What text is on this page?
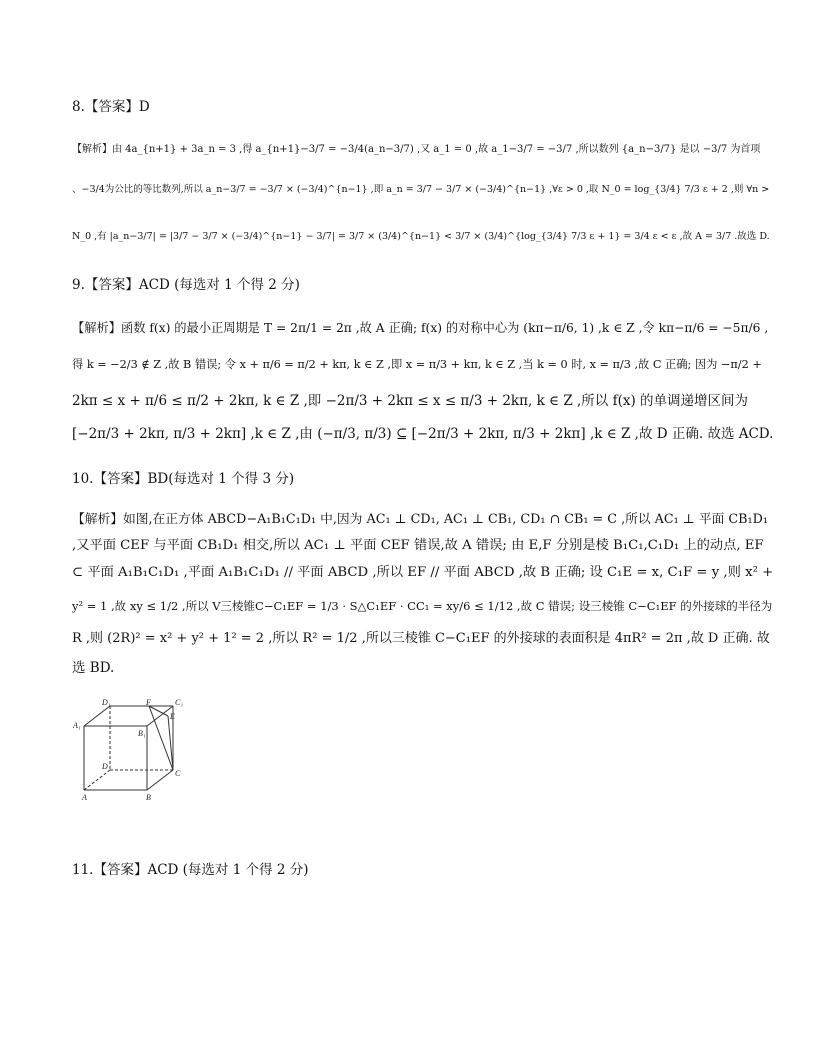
8.【答案】D
【解析】由 4a_{n+1} + 3a_n = 3 ,得 a_{n+1}−3/7 = −3/4(a_n−3/7) ,又 a_1 = 0 ,故 a_1−3/7 = −3/7 ,所以数列 {a_n−3/7} 是以 −3/7 为首项
、−3/4为公比的等比数列,所以 a_n−3/7 = −3/7 × (−3/4)^{n−1} ,即 a_n = 3/7 − 3/7 × (−3/4)^{n−1} ,∀ε > 0 ,取 N_0 = log_{3/4} 7/3 ε + 2 ,则 ∀n >
N_0 ,有 |a_n−3/7| = |3/7 − 3/7 × (−3/4)^{n−1} − 3/7| = 3/7 × (3/4)^{n−1} < 3/7 × (3/4)^{log_{3/4} 7/3 ε + 1} = 3/4 ε < ε ,故 A = 3/7 .故选 D.
9.【答案】ACD (每选对 1 个得 2 分)
【解析】函数 f(x) 的最小正周期是 T = 2π/1 = 2π ,故 A 正确; f(x) 的对称中心为 (kπ−π/6, 1) ,k ∈ Z ,令 kπ−π/6 = −5π/6 ,
得 k = −2/3 ∉ Z ,故 B 错误; 令 x + π/6 = π/2 + kπ, k ∈ Z ,即 x = π/3 + kπ, k ∈ Z ,当 k = 0 时, x = π/3 ,故 C 正确; 因为 −π/2 +
2kπ ≤ x + π/6 ≤ π/2 + 2kπ, k ∈ Z ,即 −2π/3 + 2kπ ≤ x ≤ π/3 + 2kπ, k ∈ Z ,所以 f(x) 的单调递增区间为
[−2π/3 + 2kπ, π/3 + 2kπ] ,k ∈ Z ,由 (−π/3, π/3) ⊆ [−2π/3 + 2kπ, π/3 + 2kπ] ,k ∈ Z ,故 D 正确. 故选 ACD.
10.【答案】BD(每选对 1 个得 3 分)
【解析】如图,在正方体 ABCD−A₁B₁C₁D₁ 中,因为 AC₁ ⊥ CD₁, AC₁ ⊥ CB₁, CD₁ ∩ CB₁ = C ,所以 AC₁ ⊥ 平面 CB₁D₁
,又平面 CEF 与平面 CB₁D₁ 相交,所以 AC₁ ⊥ 平面 CEF 错误,故 A 错误; 由 E,F 分别是棱 B₁C₁,C₁D₁ 上的动点, EF
⊂ 平面 A₁B₁C₁D₁ ,平面 A₁B₁C₁D₁ // 平面 ABCD ,所以 EF // 平面 ABCD ,故 B 正确; 设 C₁E = x, C₁F = y ,则 x² +
y² = 1 ,故 xy ≤ 1/2 ,所以 V三棱锥C−C₁EF = 1/3 · S△C₁EF · CC₁ = xy/6 ≤ 1/12 ,故 C 错误; 设三棱锥 C−C₁EF 的外接球的半径为
R ,则 (2R)² = x² + y² + 1² = 2 ,所以 R² = 1/2 ,所以三棱锥 C−C₁EF 的外接球的表面积是 4πR² = 2π ,故 D 正确. 故
选 BD.
D₁	F	C₁
E
A₁
B₁
D
C
A	B
11.【答案】ACD (每选对 1 个得 2 分)
